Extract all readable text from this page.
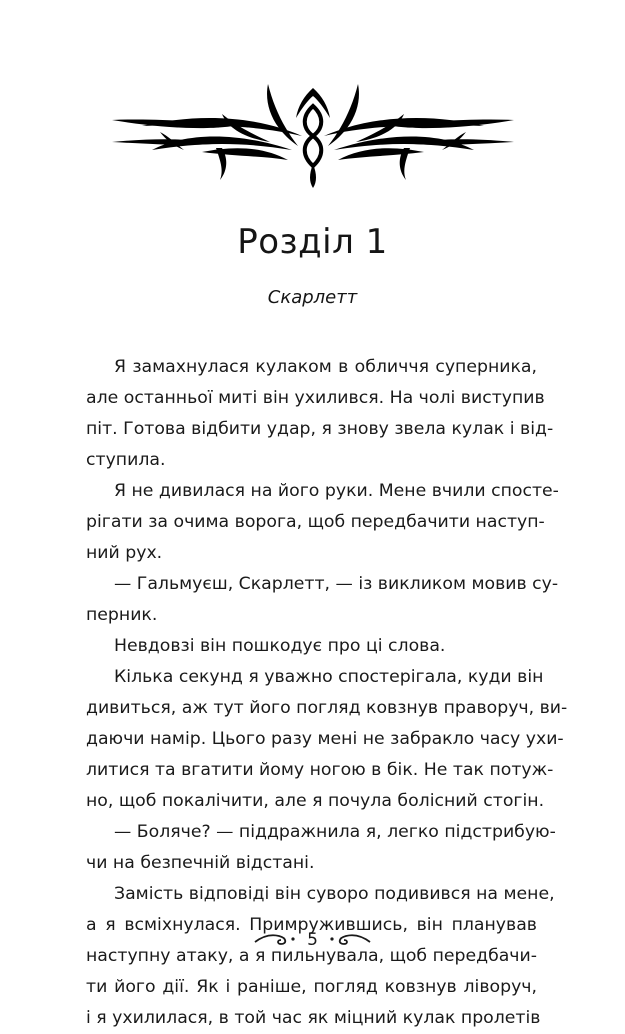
Розділ 1
Скарлетт
Я замахнулася кулаком в обличчя суперника,
але останньої миті він ухилився. На чолі виступив
піт. Готова відбити удар, я знову звела кулак і від-
ступила.
Я не дивилася на його руки. Мене вчили спосте-
рігати за очима ворога, щоб передбачити наступ-
ний рух.
— Гальмуєш, Скарлетт, — із викликом мовив су-
перник.
Невдовзі він пошкодує про ці слова.
Кілька секунд я уважно спостерігала, куди він
дивиться, аж тут його погляд ковзнув праворуч, ви-
даючи намір. Цього разу мені не забракло часу ухи-
литися та вгатити йому ногою в бік. Не так потуж-
но, щоб покалічити, але я почула болісний стогін.
— Боляче? — піддражнила я, легко підстрибую-
чи на безпечній відстані.
Замість відповіді він суворо подивився на мене,
а я всміхнулася. Примружившись, він планував
наступну атаку, а я пильнувала, щоб передбачи-
ти його дії. Як і раніше, погляд ковзнув ліворуч,
і я ухилилася, в той час як міцний кулак пролетів
5
